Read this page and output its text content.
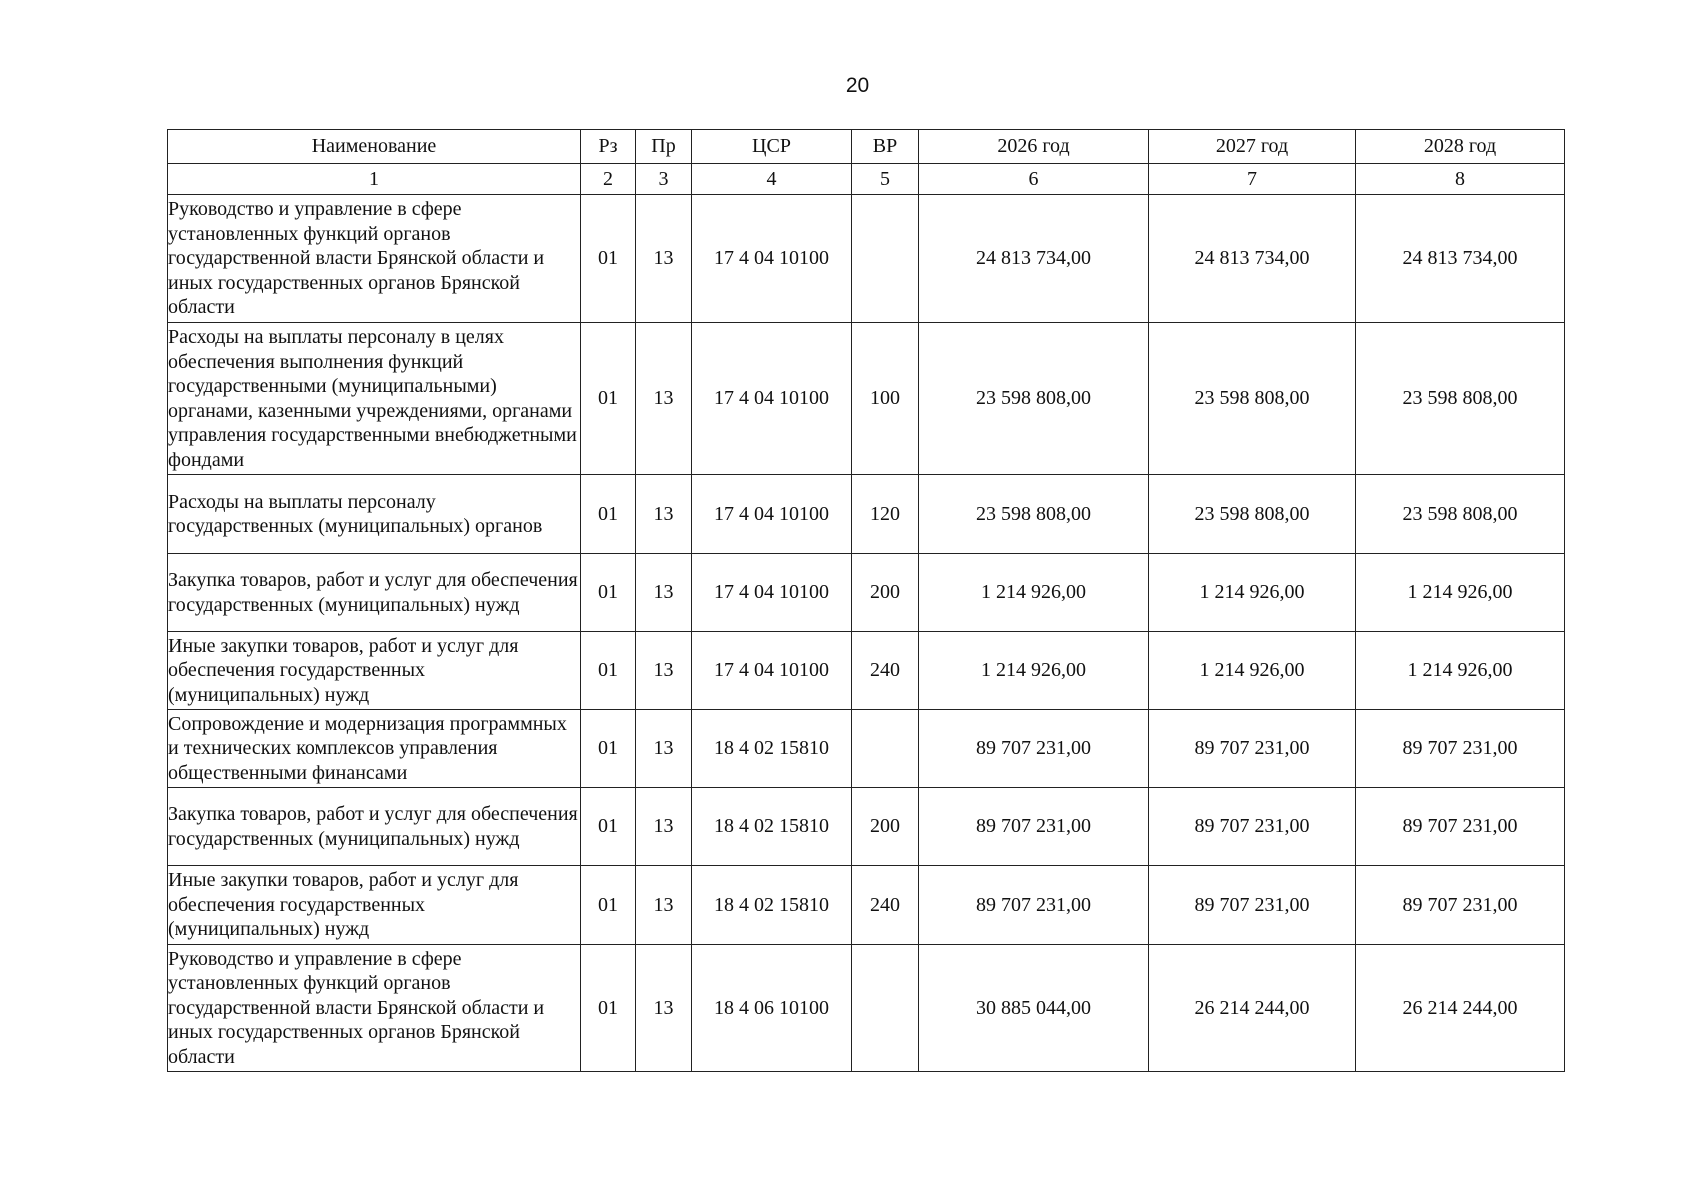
20
Наименование	Рз	Пр	ЦСР	ВР	2026 год	2027 год	2028 год
1	2	3	4	5	6	7	8
Руководство и управление в сфере установленных функций органов государственной власти Брянской области и иных государственных органов Брянской области	01	13	17 4 04 10100		24 813 734,00	24 813 734,00	24 813 734,00
Расходы на выплаты персоналу в целях обеспечения выполнения функций государственными (муниципальными) органами, казенными учреждениями, органами управления государственными внебюджетными фондами	01	13	17 4 04 10100	100	23 598 808,00	23 598 808,00	23 598 808,00
Расходы на выплаты персоналу государственных (муниципальных) органов	01	13	17 4 04 10100	120	23 598 808,00	23 598 808,00	23 598 808,00
Закупка товаров, работ и услуг для обеспечения государственных (муниципальных) нужд	01	13	17 4 04 10100	200	1 214 926,00	1 214 926,00	1 214 926,00
Иные закупки товаров, работ и услуг для обеспечения государственных (муниципальных) нужд	01	13	17 4 04 10100	240	1 214 926,00	1 214 926,00	1 214 926,00
Сопровождение и модернизация программных и технических комплексов управления общественными финансами	01	13	18 4 02 15810		89 707 231,00	89 707 231,00	89 707 231,00
Закупка товаров, работ и услуг для обеспечения государственных (муниципальных) нужд	01	13	18 4 02 15810	200	89 707 231,00	89 707 231,00	89 707 231,00
Иные закупки товаров, работ и услуг для обеспечения государственных (муниципальных) нужд	01	13	18 4 02 15810	240	89 707 231,00	89 707 231,00	89 707 231,00
Руководство и управление в сфере установленных функций органов государственной власти Брянской области и иных государственных органов Брянской области	01	13	18 4 06 10100		30 885 044,00	26 214 244,00	26 214 244,00
